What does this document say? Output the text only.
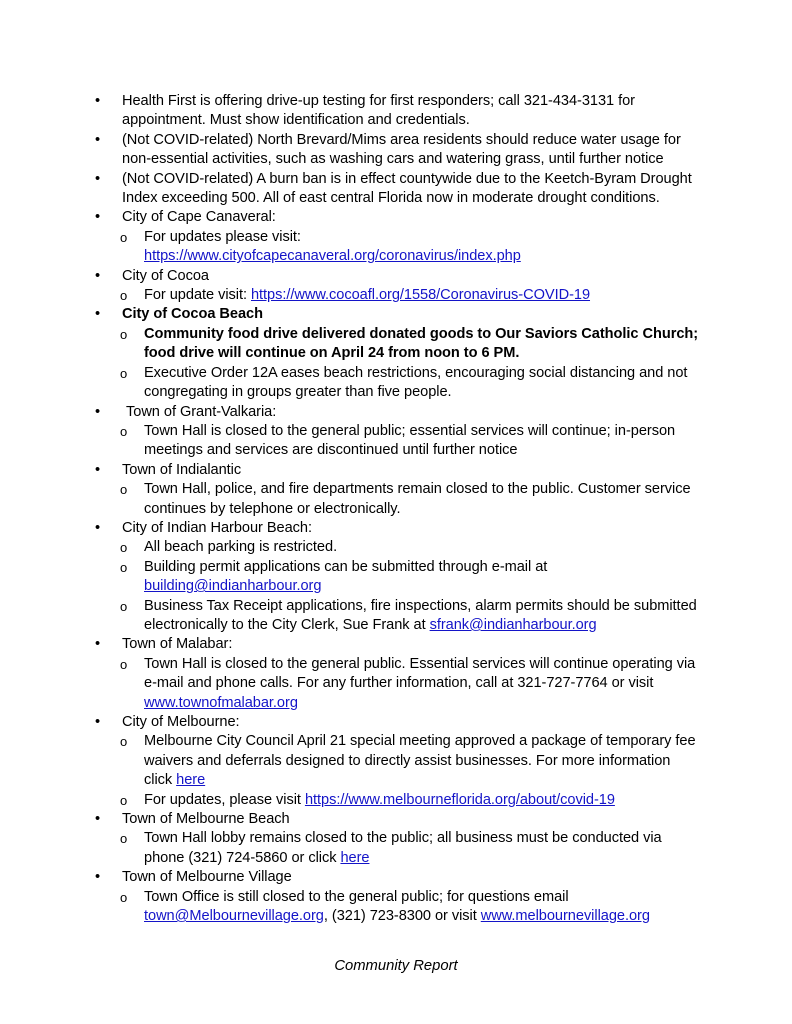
•	Health First is offering drive-up testing for first responders; call 321-434-3131 for appointment. Must show identification and credentials.
•	(Not COVID-related) North Brevard/Mims area residents should reduce water usage for non-essential activities, such as washing cars and watering grass, until further notice
•	(Not COVID-related) A burn ban is in effect countywide due to the Keetch-Byram Drought Index exceeding 500. All of east central Florida now in moderate drought conditions.
•	City of Cape Canaveral:
o For updates please visit:
https://www.cityofcapecanaveral.org/coronavirus/index.php
•	City of Cocoa
o For update visit: https://www.cocoafl.org/1558/Coronavirus-COVID-19
•	City of Cocoa Beach
o Community food drive delivered donated goods to Our Saviors Catholic Church; food drive will continue on April 24 from noon to 6 PM.
o Executive Order 12A eases beach restrictions, encouraging social distancing and not congregating in groups greater than five people.
•	Town of Grant-Valkaria:
o Town Hall is closed to the general public; essential services will continue; in-person meetings and services are discontinued until further notice
•	Town of Indialantic
o Town Hall, police, and fire departments remain closed to the public. Customer service continues by telephone or electronically.
•	City of Indian Harbour Beach:
o All beach parking is restricted.
o Building permit applications can be submitted through e-mail at
building@indianharbour.org
o Business Tax Receipt applications, fire inspections, alarm permits should be submitted electronically to the City Clerk, Sue Frank at sfrank@indianharbour.org
•	Town of Malabar:
o Town Hall is closed to the general public. Essential services will continue operating via e-mail and phone calls. For any further information, call at 321-727-7764 or visit
www.townofmalabar.org
•	City of Melbourne:
o Melbourne City Council April 21 special meeting approved a package of temporary fee waivers and deferrals designed to directly assist businesses. For more information click here
o For updates, please visit https://www.melbourneflorida.org/about/covid-19
•	Town of Melbourne Beach
o Town Hall lobby remains closed to the public; all business must be conducted via phone (321) 724-5860 or click here
•	Town of Melbourne Village
o Town Office is still closed to the general public; for questions email
town@Melbournevillage.org, (321) 723-8300 or visit www.melbournevillage.org
Community Report
